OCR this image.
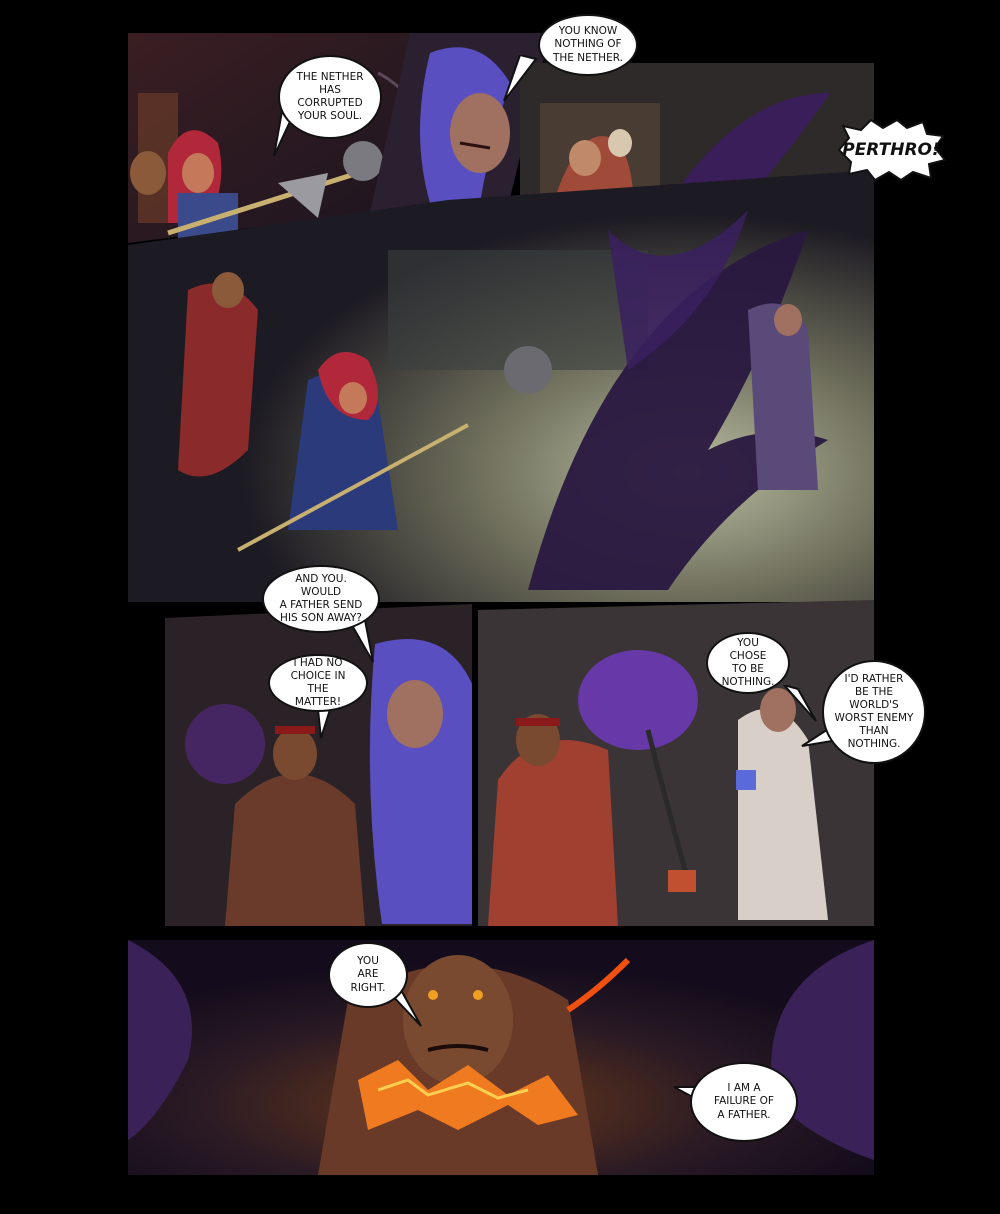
THE NETHER
HAS
CORRUPTED
YOUR SOUL.
YOU KNOW
NOTHING OF
THE NETHER.
PERTHRO!
AND YOU. WOULD
A FATHER SEND
HIS SON AWAY?
I HAD NO
CHOICE IN THE
MATTER!
YOU CHOSE
TO BE
NOTHING.	I'D RATHER
BE THE
WORLD'S
WORST ENEMY
THAN
NOTHING.
YOU
ARE
RIGHT.
I AM A
FAILURE OF
A FATHER.
